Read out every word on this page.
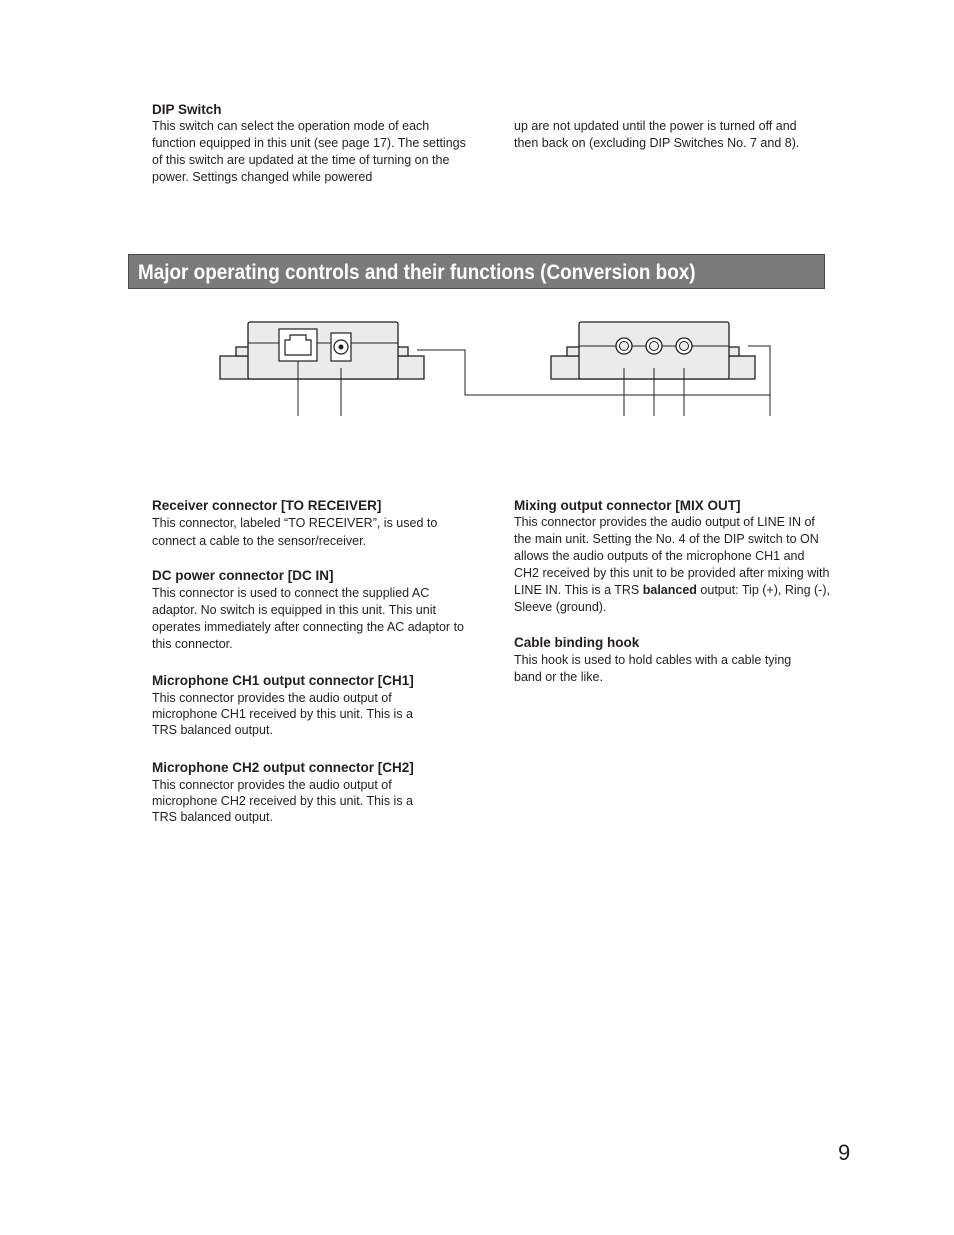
DIP Switch

This switch can select the operation mode of each function equipped in this unit (see page 17). The settings of this switch are updated at the time of turning on the power. Settings changed while powered

up are not updated until the power is turned off and then back on (excluding DIP Switches No. 7 and 8).

Major operating controls and their functions (Conversion box)

Receiver connector [TO RECEIVER]

This connector, labeled “TO RECEIVER”, is used to connect a cable to the sensor/receiver.

DC power connector [DC IN]

This connector is used to connect the supplied AC adaptor. No switch is equipped in this unit. This unit operates immediately after connecting the AC adaptor to this connector.

Microphone CH1 output connector [CH1]

This connector provides the audio output of microphone CH1 received by this unit. This is a TRS balanced output.

Microphone CH2 output connector [CH2]

This connector provides the audio output of microphone CH2 received by this unit. This is a TRS balanced output.

Mixing output connector [MIX OUT]

This connector provides the audio output of LINE IN of the main unit. Setting the No. 4 of the DIP switch to ON allows the audio outputs of the microphone CH1 and CH2 received by this unit to be provided after mixing with LINE IN. This is a TRS balanced output: Tip (+), Ring (-), Sleeve (ground).

Cable binding hook

This hook is used to hold cables with a cable tying band or the like.

9
